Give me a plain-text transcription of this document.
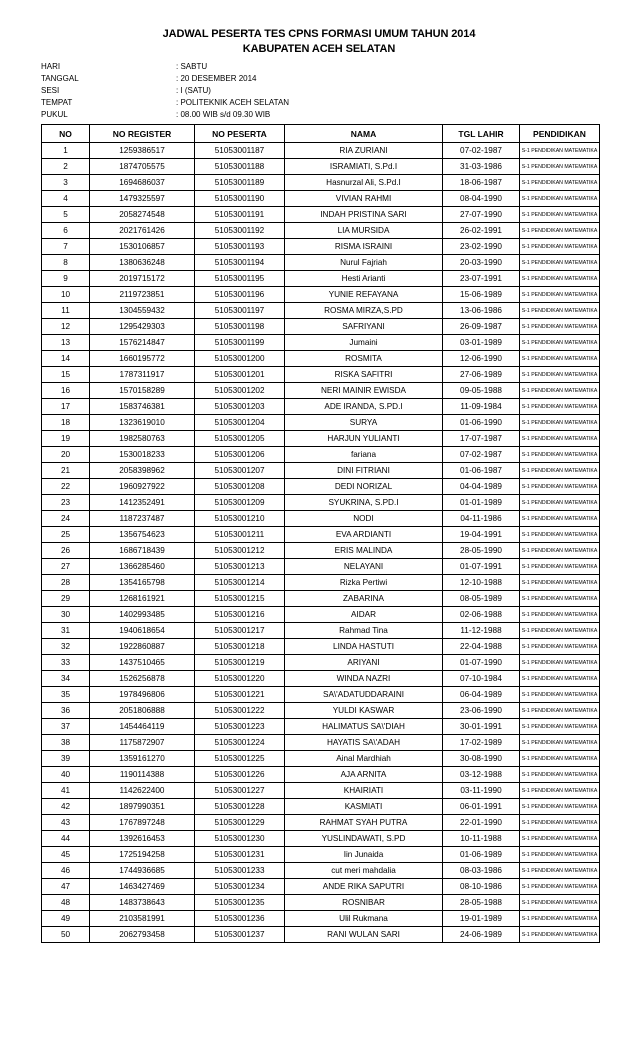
JADWAL PESERTA TES CPNS FORMASI UMUM TAHUN 2014
KABUPATEN ACEH SELATAN
HARI	: SABTU
TANGGAL	: 20 DESEMBER 2014
SESI	: I (SATU)
TEMPAT	: POLITEKNIK ACEH SELATAN
PUKUL	: 08.00 WIB s/d 09.30 WIB
NO	NO REGISTER	NO PESERTA	NAMA	TGL LAHIR	PENDIDIKAN
1	1259386517	51053001187	RIA ZURIANI	07-02-1987	S-1 PENDIDIKAN MATEMATIKA
2	1874705575	51053001188	ISRAMIATI, S.Pd.I	31-03-1986	S-1 PENDIDIKAN MATEMATIKA
3	1694686037	51053001189	Hasnurzal Ali, S.Pd.I	18-06-1987	S-1 PENDIDIKAN MATEMATIKA
4	1479325597	51053001190	VIVIAN RAHMI	08-04-1990	S-1 PENDIDIKAN MATEMATIKA
5	2058274548	51053001191	INDAH PRISTINA SARI	27-07-1990	S-1 PENDIDIKAN MATEMATIKA
6	2021761426	51053001192	LIA MURSIDA	26-02-1991	S-1 PENDIDIKAN MATEMATIKA
7	1530106857	51053001193	RISMA ISRAINI	23-02-1990	S-1 PENDIDIKAN MATEMATIKA
8	1380636248	51053001194	Nurul Fajriah	20-03-1990	S-1 PENDIDIKAN MATEMATIKA
9	2019715172	51053001195	Hesti Arianti	23-07-1991	S-1 PENDIDIKAN MATEMATIKA
10	2119723851	51053001196	YUNIE REFAYANA	15-06-1989	S-1 PENDIDIKAN MATEMATIKA
11	1304559432	51053001197	ROSMA MIRZA,S.PD	13-06-1986	S-1 PENDIDIKAN MATEMATIKA
12	1295429303	51053001198	SAFRIYANI	26-09-1987	S-1 PENDIDIKAN MATEMATIKA
13	1576214847	51053001199	Jumaini	03-01-1989	S-1 PENDIDIKAN MATEMATIKA
14	1660195772	51053001200	ROSMITA	12-06-1990	S-1 PENDIDIKAN MATEMATIKA
15	1787311917	51053001201	RISKA SAFITRI	27-06-1989	S-1 PENDIDIKAN MATEMATIKA
16	1570158289	51053001202	NERI MAINIR EWISDA	09-05-1988	S-1 PENDIDIKAN MATEMATIKA
17	1583746381	51053001203	ADE IRANDA, S.PD.I	11-09-1984	S-1 PENDIDIKAN MATEMATIKA
18	1323619010	51053001204	SURYA	01-06-1990	S-1 PENDIDIKAN MATEMATIKA
19	1982580763	51053001205	HARJUN YULIANTI	17-07-1987	S-1 PENDIDIKAN MATEMATIKA
20	1530018233	51053001206	fariana	07-02-1987	S-1 PENDIDIKAN MATEMATIKA
21	2058398962	51053001207	DINI FITRIANI	01-06-1987	S-1 PENDIDIKAN MATEMATIKA
22	1960927922	51053001208	DEDI NORIZAL	04-04-1989	S-1 PENDIDIKAN MATEMATIKA
23	1412352491	51053001209	SYUKRINA, S.PD.I	01-01-1989	S-1 PENDIDIKAN MATEMATIKA
24	1187237487	51053001210	NODI	04-11-1986	S-1 PENDIDIKAN MATEMATIKA
25	1356754623	51053001211	EVA ARDIANTI	19-04-1991	S-1 PENDIDIKAN MATEMATIKA
26	1686718439	51053001212	ERIS MALINDA	28-05-1990	S-1 PENDIDIKAN MATEMATIKA
27	1366285460	51053001213	NELAYANI	01-07-1991	S-1 PENDIDIKAN MATEMATIKA
28	1354165798	51053001214	Rizka Pertiwi	12-10-1988	S-1 PENDIDIKAN MATEMATIKA
29	1268161921	51053001215	ZABARINA	08-05-1989	S-1 PENDIDIKAN MATEMATIKA
30	1402993485	51053001216	AIDAR	02-06-1988	S-1 PENDIDIKAN MATEMATIKA
31	1940618654	51053001217	Rahmad Tina	11-12-1988	S-1 PENDIDIKAN MATEMATIKA
32	1922860887	51053001218	LINDA HASTUTI	22-04-1988	S-1 PENDIDIKAN MATEMATIKA
33	1437510465	51053001219	ARIYANI	01-07-1990	S-1 PENDIDIKAN MATEMATIKA
34	1526256878	51053001220	WINDA NAZRI	07-10-1984	S-1 PENDIDIKAN MATEMATIKA
35	1978496806	51053001221	SA\'ADATUDDARAINI	06-04-1989	S-1 PENDIDIKAN MATEMATIKA
36	2051806888	51053001222	YULDI KASWAR	23-06-1990	S-1 PENDIDIKAN MATEMATIKA
37	1454464119	51053001223	HALIMATUS SA\'DIAH	30-01-1991	S-1 PENDIDIKAN MATEMATIKA
38	1175872907	51053001224	HAYATIS SA\'ADAH	17-02-1989	S-1 PENDIDIKAN MATEMATIKA
39	1359161270	51053001225	Ainal Mardhiah	30-08-1990	S-1 PENDIDIKAN MATEMATIKA
40	1190114388	51053001226	AJA ARNITA	03-12-1988	S-1 PENDIDIKAN MATEMATIKA
41	1142622400	51053001227	KHAIRIATI	03-11-1990	S-1 PENDIDIKAN MATEMATIKA
42	1897990351	51053001228	KASMIATI	06-01-1991	S-1 PENDIDIKAN MATEMATIKA
43	1767897248	51053001229	RAHMAT SYAH PUTRA	22-01-1990	S-1 PENDIDIKAN MATEMATIKA
44	1392616453	51053001230	YUSLINDAWATI, S.PD	10-11-1988	S-1 PENDIDIKAN MATEMATIKA
45	1725194258	51053001231	Iin Junaida	01-06-1989	S-1 PENDIDIKAN MATEMATIKA
46	1744936685	51053001233	cut meri mahdalia	08-03-1986	S-1 PENDIDIKAN MATEMATIKA
47	1463427469	51053001234	ANDE RIKA SAPUTRI	08-10-1986	S-1 PENDIDIKAN MATEMATIKA
48	1483738643	51053001235	ROSNIBAR	28-05-1988	S-1 PENDIDIKAN MATEMATIKA
49	2103581991	51053001236	Ulil Rukmana	19-01-1989	S-1 PENDIDIKAN MATEMATIKA
50	2062793458	51053001237	RANI WULAN SARI	24-06-1989	S-1 PENDIDIKAN MATEMATIKA
